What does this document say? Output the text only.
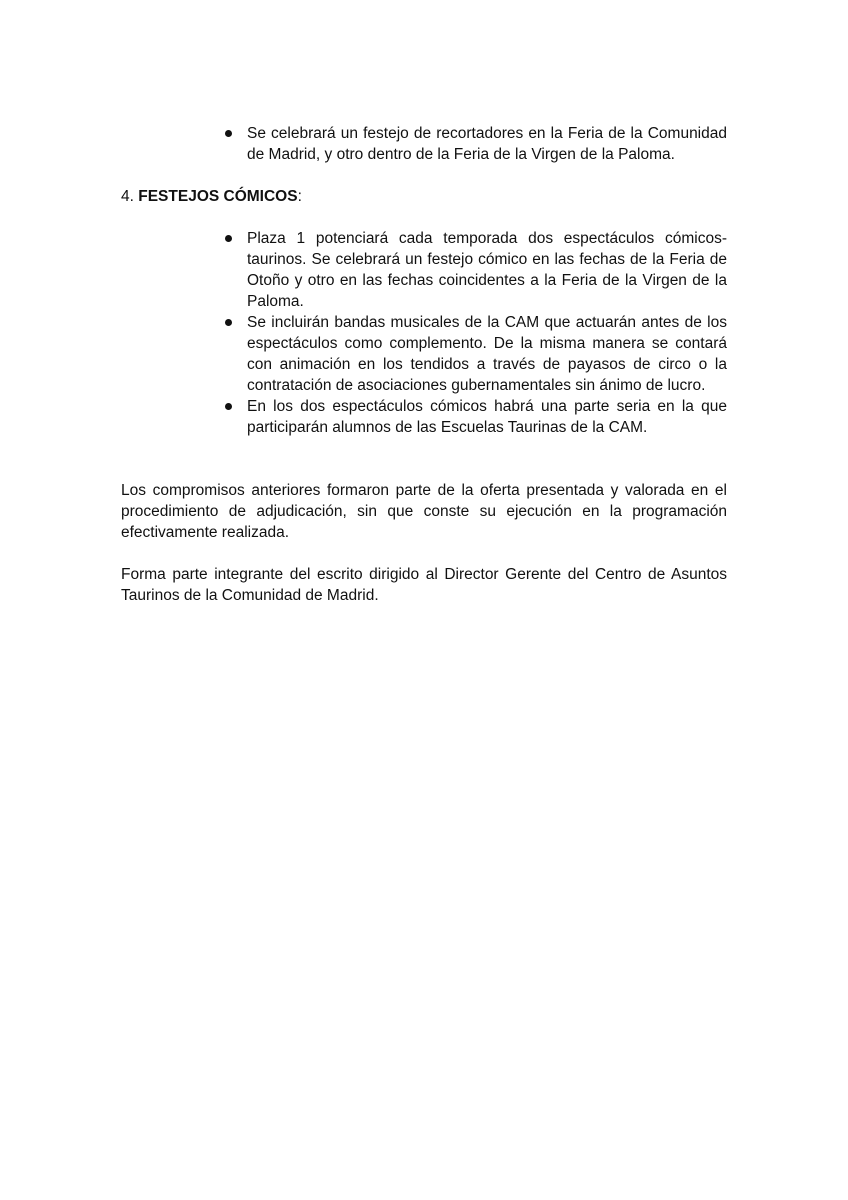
Se celebrará un festejo de recortadores en la Feria de la Comunidad de Madrid, y otro dentro de la Feria de la Virgen de la Paloma.

4. FESTEJOS CÓMICOS:

Plaza 1 potenciará cada temporada dos espectáculos cómicos-taurinos. Se celebrará un festejo cómico en las fechas de la Feria de Otoño y otro en las fechas coincidentes a la Feria de la Virgen de la Paloma.
Se incluirán bandas musicales de la CAM que actuarán antes de los espectáculos como complemento. De la misma manera se contará con animación en los tendidos a través de payasos de circo o la contratación de asociaciones gubernamentales sin ánimo de lucro.
En los dos espectáculos cómicos habrá una parte seria en la que participarán alumnos de las Escuelas Taurinas de la CAM.

Los compromisos anteriores formaron parte de la oferta presentada y valorada en el procedimiento de adjudicación, sin que conste su ejecución en la programación efectivamente realizada.

Forma parte integrante del escrito dirigido al Director Gerente del Centro de Asuntos Taurinos de la Comunidad de Madrid.
